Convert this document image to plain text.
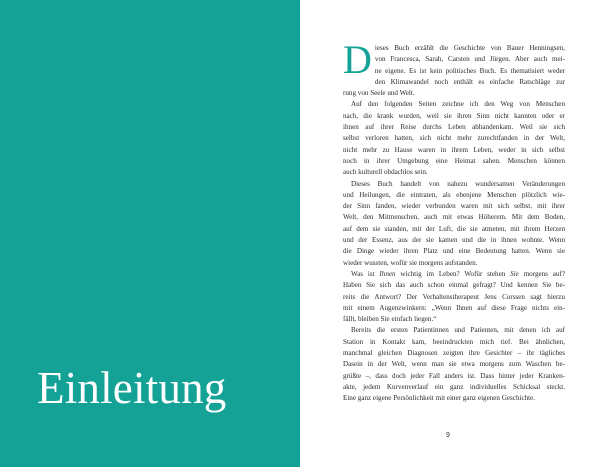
Einleitung
D ieses Buch erzählt die Geschichte von Bauer Henningsen,
von Francesca, Sarah, Carsten und Jürgen. Aber auch mei-
ne eigene. Es ist kein politisches Buch. Es thematisiert weder
den Klimawandel noch enthält es einfache Ratschläge zur
rung von Seele und Welt.
Auf den folgenden Seiten zeichne ich den Weg von Menschen
nach, die krank wurden, weil sie ihren Sinn nicht kannten oder er
ihnen auf ihrer Reise durchs Leben abhandenkam. Weil sie sich
selbst verloren hatten, sich nicht mehr zurechtfanden in der Welt,
nicht mehr zu Hause waren in ihrem Leben, weder in sich selbst
noch in ihrer Umgebung eine Heimat sahen. Menschen können
auch kulturell obdachlos sein.
Dieses Buch handelt von nahezu wundersamen Veränderungen
und Heilungen, die eintraten, als ebenjene Menschen plötzlich wie-
der Sinn fanden, wieder verbunden waren mit sich selbst, mit ihrer
Welt, den Mitmenschen, auch mit etwas Höherem. Mit dem Boden,
auf dem sie standen, mit der Luft, die sie atmeten, mit ihrem Herzen
und der Essenz, aus der sie kamen und die in ihnen wohnte. Wenn
die Dinge wieder ihren Platz und eine Bedeutung hatten. Wenn sie
wieder wussten, wofür sie morgens aufstanden.
Was ist Ihnen wichtig im Leben? Wofür stehen Sie morgens auf?
Haben Sie sich das auch schon einmal gefragt? Und kennen Sie be-
reits die Antwort? Der Verhaltenstherapeut Jens Corssen sagt hierzu
mit einem Augenzwinkern: „Wenn Ihnen auf diese Frage nichts ein-
fällt, bleiben Sie einfach liegen.“
Bereits die ersten Patientinnen und Patienten, mit denen ich auf
Station in Kontakt kam, beeindruckten mich tief. Bei ähnlichen,
manchmal gleichen Diagnosen zeigten ihre Gesichter – ihr tägliches
Dasein in der Welt, wenn man sie etwa morgens zum Waschen be-
grüßte –, dass doch jeder Fall anders ist. Dass hinter jeder Kranken-
akte, jedem Kurvenverlauf ein ganz individuelles Schicksal steckt.
Eine ganz eigene Persönlichkeit mit einer ganz eigenen Geschichte.
9
